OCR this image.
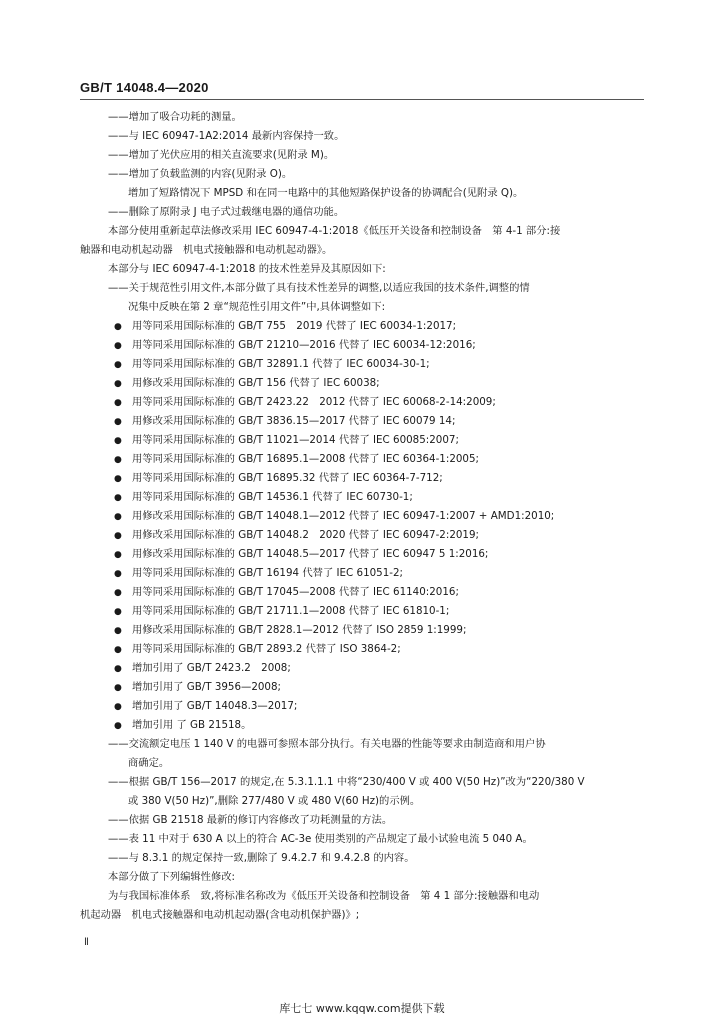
GB/T 14048.4—2020
——增加了吸合功耗的测量。
——与 IEC 60947-1A2:2014 最新内容保持一致。
——增加了光伏应用的相关直流要求(见附录 M)。
——增加了负载监测的内容(见附录 O)。
增加了短路情况下 MPSD 和在同一电路中的其他短路保护设备的协调配合(见附录 Q)。
——删除了原附录 J 电子式过载继电器的通信功能。
本部分使用重新起草法修改采用 IEC 60947-4-1:2018《低压开关设备和控制设备　第 4-1 部分:接
触器和电动机起动器　机电式接触器和电动机起动器》。
本部分与 IEC 60947-4-1:2018 的技术性差异及其原因如下:
——关于规范性引用文件,本部分做了具有技术性差异的调整,以适应我国的技术条件,调整的情
况集中反映在第 2 章“规范性引用文件”中,具体调整如下:
● 用等同采用国际标准的 GB/T 755　2019 代替了 IEC 60034-1:2017;
● 用等同采用国际标准的 GB/T 21210—2016 代替了 IEC 60034-12:2016;
● 用等同采用国际标准的 GB/T 32891.1 代替了 IEC 60034-30-1;
● 用修改采用国际标准的 GB/T 156 代替了 IEC 60038;
● 用等同采用国际标准的 GB/T 2423.22　2012 代替了 IEC 60068-2-14:2009;
● 用修改采用国际标准的 GB/T 3836.15—2017 代替了 IEC 60079 14;
● 用等同采用国际标准的 GB/T 11021—2014 代替了 IEC 60085:2007;
● 用等同采用国际标准的 GB/T 16895.1—2008 代替了 IEC 60364-1:2005;
● 用等同采用国际标准的 GB/T 16895.32 代替了 IEC 60364-7-712;
● 用等同采用国际标准的 GB/T 14536.1 代替了 IEC 60730-1;
● 用修改采用国际标准的 GB/T 14048.1—2012 代替了 IEC 60947-1:2007 + AMD1:2010;
● 用修改采用国际标准的 GB/T 14048.2　2020 代替了 IEC 60947-2:2019;
● 用修改采用国际标准的 GB/T 14048.5—2017 代替了 IEC 60947 5 1:2016;
● 用等同采用国际标准的 GB/T 16194 代替了 IEC 61051-2;
● 用等同采用国际标准的 GB/T 17045—2008 代替了 IEC 61140:2016;
● 用等同采用国际标准的 GB/T 21711.1—2008 代替了 IEC 61810-1;
● 用修改采用国际标准的 GB/T 2828.1—2012 代替了 ISO 2859 1:1999;
● 用等同采用国际标准的 GB/T 2893.2 代替了 ISO 3864-2;
● 增加引用了 GB/T 2423.2　2008;
● 增加引用了 GB/T 3956—2008;
● 增加引用了 GB/T 14048.3—2017;
● 增加引用 了 GB 21518。
——交流额定电压 1 140 V 的电器可参照本部分执行。有关电器的性能等要求由制造商和用户协
商确定。
——根据 GB/T 156—2017 的规定,在 5.3.1.1.1 中将“230/400 V 或 400 V(50 Hz)”改为“220/380 V
或 380 V(50 Hz)”,删除 277/480 V 或 480 V(60 Hz)的示例。
——依据 GB 21518 最新的修订内容修改了功耗测量的方法。
——表 11 中对于 630 A 以上的符合 AC-3e 使用类别的产品规定了最小试验电流 5 040 A。
——与 8.3.1 的规定保持一致,删除了 9.4.2.7 和 9.4.2.8 的内容。
本部分做了下列编辑性修改:
为与我国标准体系　致,将标准名称改为《低压开关设备和控制设备　第 4 1 部分:接触器和电动
机起动器　机电式接触器和电动机起动器(含电动机保护器)》;
Ⅱ
库七七 www.kqqw.com提供下载
